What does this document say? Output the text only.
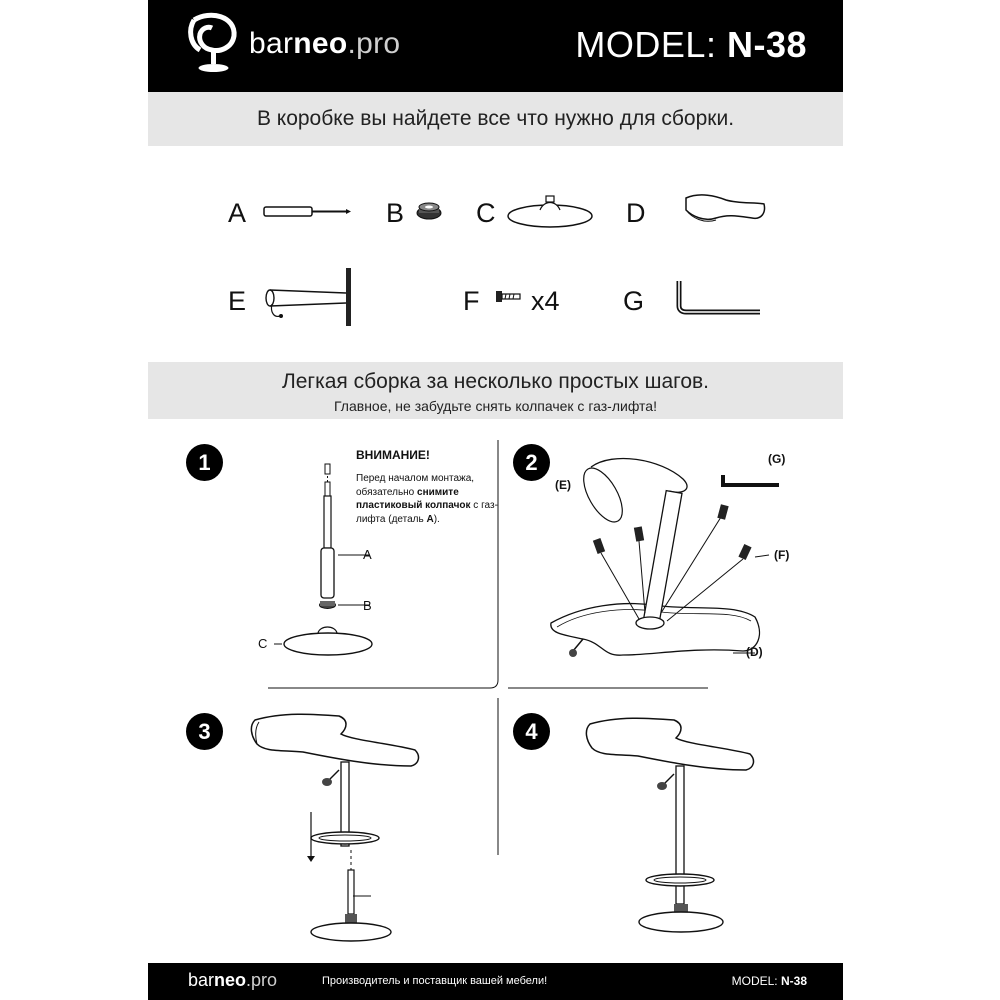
barneo.pro	MODEL: N-38
В коробке вы найдете все что нужно для сборки.
A	B	C	D
E	F x4 G
Легкая сборка за несколько простых шагов.
Главное, не забудьте снять колпачек с газ-лифта!
1	2
3	4
ВНИМАНИЕ!
Перед началом монтажа, обязательно снимите пластиковый колпачок с газ-лифта (деталь A).
A
B
C
(E)
(G)
(F)
(D)
barneo.pro	Производитель и поставщик вашей мебели!	MODEL: N-38
